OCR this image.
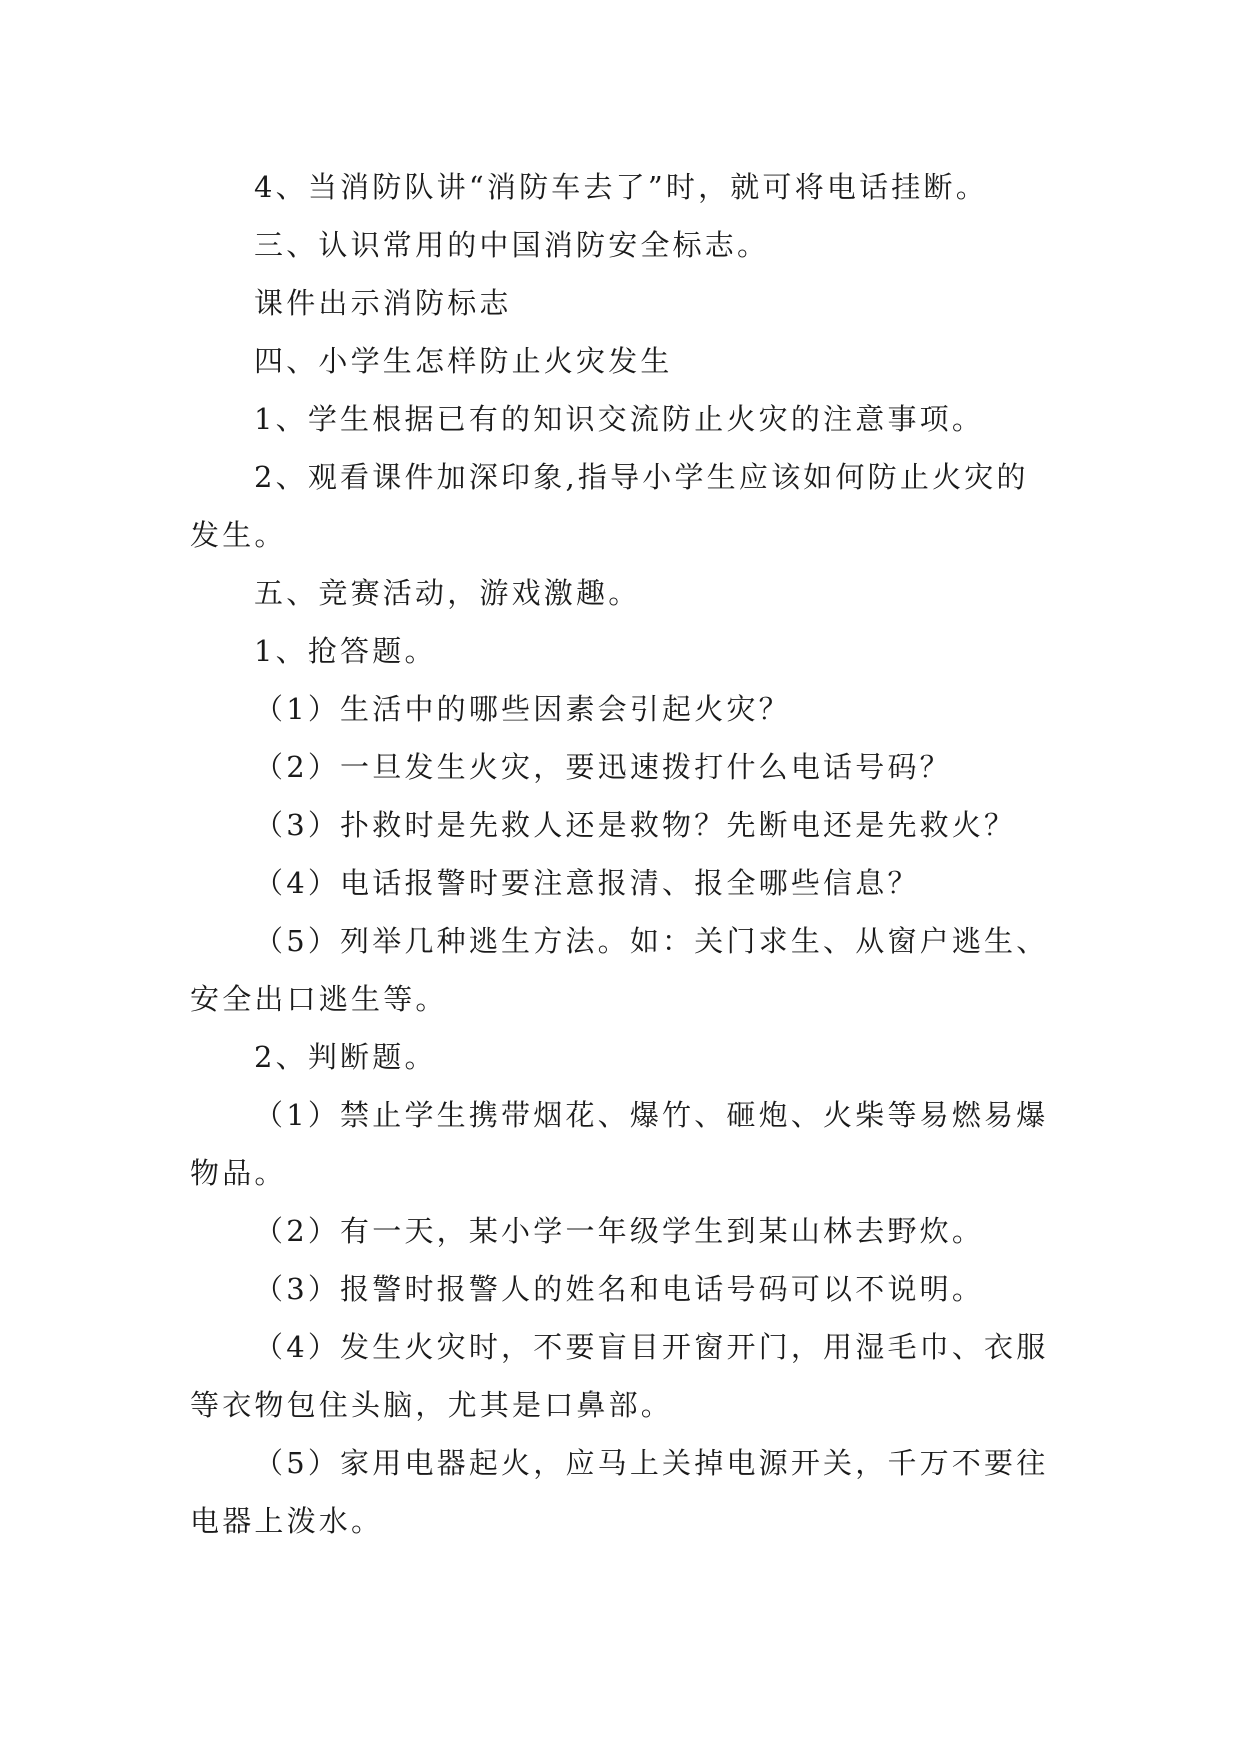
4、当消防队讲“消防车去了”时，就可将电话挂断。

三、认识常用的中国消防安全标志。

课件出示消防标志

四、小学生怎样防止火灾发生

1、学生根据已有的知识交流防止火灾的注意事项。

2、观看课件加深印象,指导小学生应该如何防止火灾的发生。

五、竞赛活动，游戏激趣。

1、抢答题。

（1）生活中的哪些因素会引起火灾？

（2）一旦发生火灾，要迅速拨打什么电话号码？

（3）扑救时是先救人还是救物？先断电还是先救火？

（4）电话报警时要注意报清、报全哪些信息？

（5）列举几种逃生方法。如：关门求生、从窗户逃生、安全出口逃生等。

2、判断题。

（1）禁止学生携带烟花、爆竹、砸炮、火柴等易燃易爆物品。

（2）有一天，某小学一年级学生到某山林去野炊。

（3）报警时报警人的姓名和电话号码可以不说明。

（4）发生火灾时，不要盲目开窗开门，用湿毛巾、衣服等衣物包住头脑，尤其是口鼻部。

（5）家用电器起火，应马上关掉电源开关，千万不要往电器上泼水。
